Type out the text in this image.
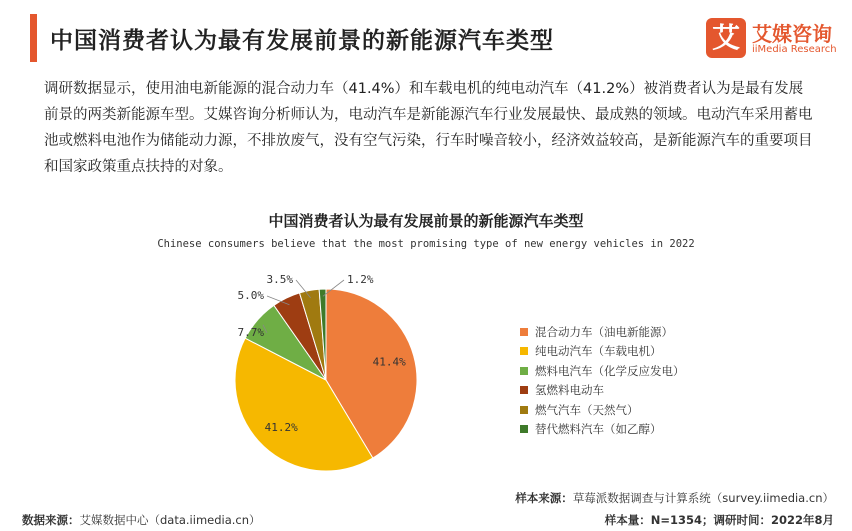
中国消费者认为最有发展前景的新能源汽车类型	艾 艾媒咨询
iiMedia Research
调研数据显示，使用油电新能源的混合动力车（41.4%）和车载电机的纯电动汽车（41.2%）被消费者认为是最有发展前景的两类新能源车型。艾媒咨询分析师认为，电动汽车是新能源汽车行业发展最快、最成熟的领域。电动汽车采用蓄电池或燃料电池作为储能动力源，不排放废气，没有空气污染，行车时噪音较小，经济效益较高，是新能源汽车的重要项目和国家政策重点扶持的对象。
中国消费者认为最有发展前景的新能源汽车类型
Chinese consumers believe that the most promising type of new energy vehicles in 2022
41.4%
41.2%
7.7%
5.0%
3.5%	1.2%
混合动力车（油电新能源）
纯电动汽车（车载电机）
燃料电汽车（化学反应发电）
氢燃料电动车
燃气汽车（天然气）
替代燃料汽车（如乙醇）
数据来源：艾媒数据中心（data.iimedia.cn）
样本来源：草莓派数据调查与计算系统（survey.iimedia.cn）
样本量：N=1354；调研时间：2022年8月
